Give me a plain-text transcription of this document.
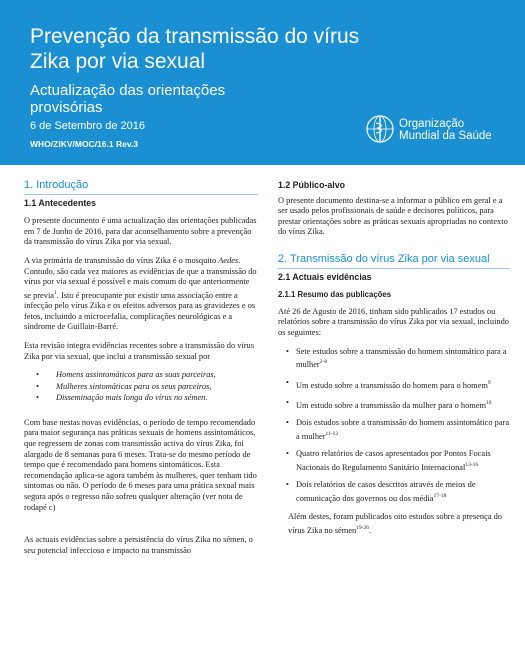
Prevenção da transmissão do vírus Zika por via sexual
Actualização das orientações provisórias
6 de Setembro de 2016
WHO/ZIKV/MOC/16.1 Rev.3
Organização
Mundial da Saúde
1. Introdução
1.1 Antecedentes

O presente documento é uma actualização das orientações publicadas em 7 de Junho de 2016, para dar aconselhamento sobre a prevenção da transmissão do vírus Zika por via sexual.

A via primária de transmissão do vírus Zika é o mosquito Aedes. Contudo, são cada vez maiores as evidências de que a transmissão do vírus por via sexual é possível e mais comum do que anteriormente se previa$^1$. Isto é preocupante por existir uma associação entre a infecção pelo vírus Zika e os efeitos adversos para as gravidezes e os fetos, incluindo a microcefalia, complicações neurológicas e a síndrome de Guillain-Barré.

Esta revisão integra evidências recentes sobre a transmissão do vírus Zika por via sexual, que inclui a transmissão sexual por

• Homens assintomáticos para as suas parceiras,
• Mulheres sintomáticas para os seus parceiros,
• Disseminação mais longa do vírus no sémen.

Com base nestas novas evidências, o período de tempo recomendado para maior segurança nas práticas sexuais de homens assintomáticos, que regressem de zonas com transmissão activa do vírus Zika, foi alargado de 8 semanas para 6 meses. Trata-se do mesmo período de tempo que é recomendado para homens sintomáticos. Esta recomendação aplica-se agora também às mulheres, quer tenham tido sintomas ou não. O período de 6 meses para uma prática sexual mais segura após o regresso não sofreu qualquer alteração (ver nota de rodapé c)

As actuais evidências sobre a persistência do vírus Zika no sémen, o seu potencial infeccioso e impacto na transmissão

1.2 Público-alvo

O presente documento destina-se a informar o público em geral e a ser usado pelos profissionais de saúde e decisores políticos, para prestar orientações sobre as práticas sexuais apropriadas no contexto do vírus Zika.

2. Transmissão do vírus Zika por via sexual
2.1 Actuais evidências
2.1.1 Resumo das publicações

Até 26 de Agosto de 2016, tinham sido publicados 17 estudos ou relatórios sobre a transmissão do vírus Zika por via sexual, incluindo os seguintes:

• Sete estudos sobre a transmissão do homem sintomático para a mulher$^{2-8}$
• Um estudo sobre a transmissão do homem para o homem$^9$
• Um estudo sobre a transmissão da mulher para o homem$^{10}$
• Dois estudos sobre a transmissão do homem assintomático para a mulher$^{11-12}$
• Quatro relatórios de casos apresentados por Pontos Focais Nacionais do Regulamento Sanitário Internacional$^{13-16}$
• Dois relatórios de casos descritos através de meios de comunicação dos governos ou dos média$^{17-18}$

Além destes, foram publicados oito estudos sobre a presença do vírus Zika no sémen$^{19-26}$.
